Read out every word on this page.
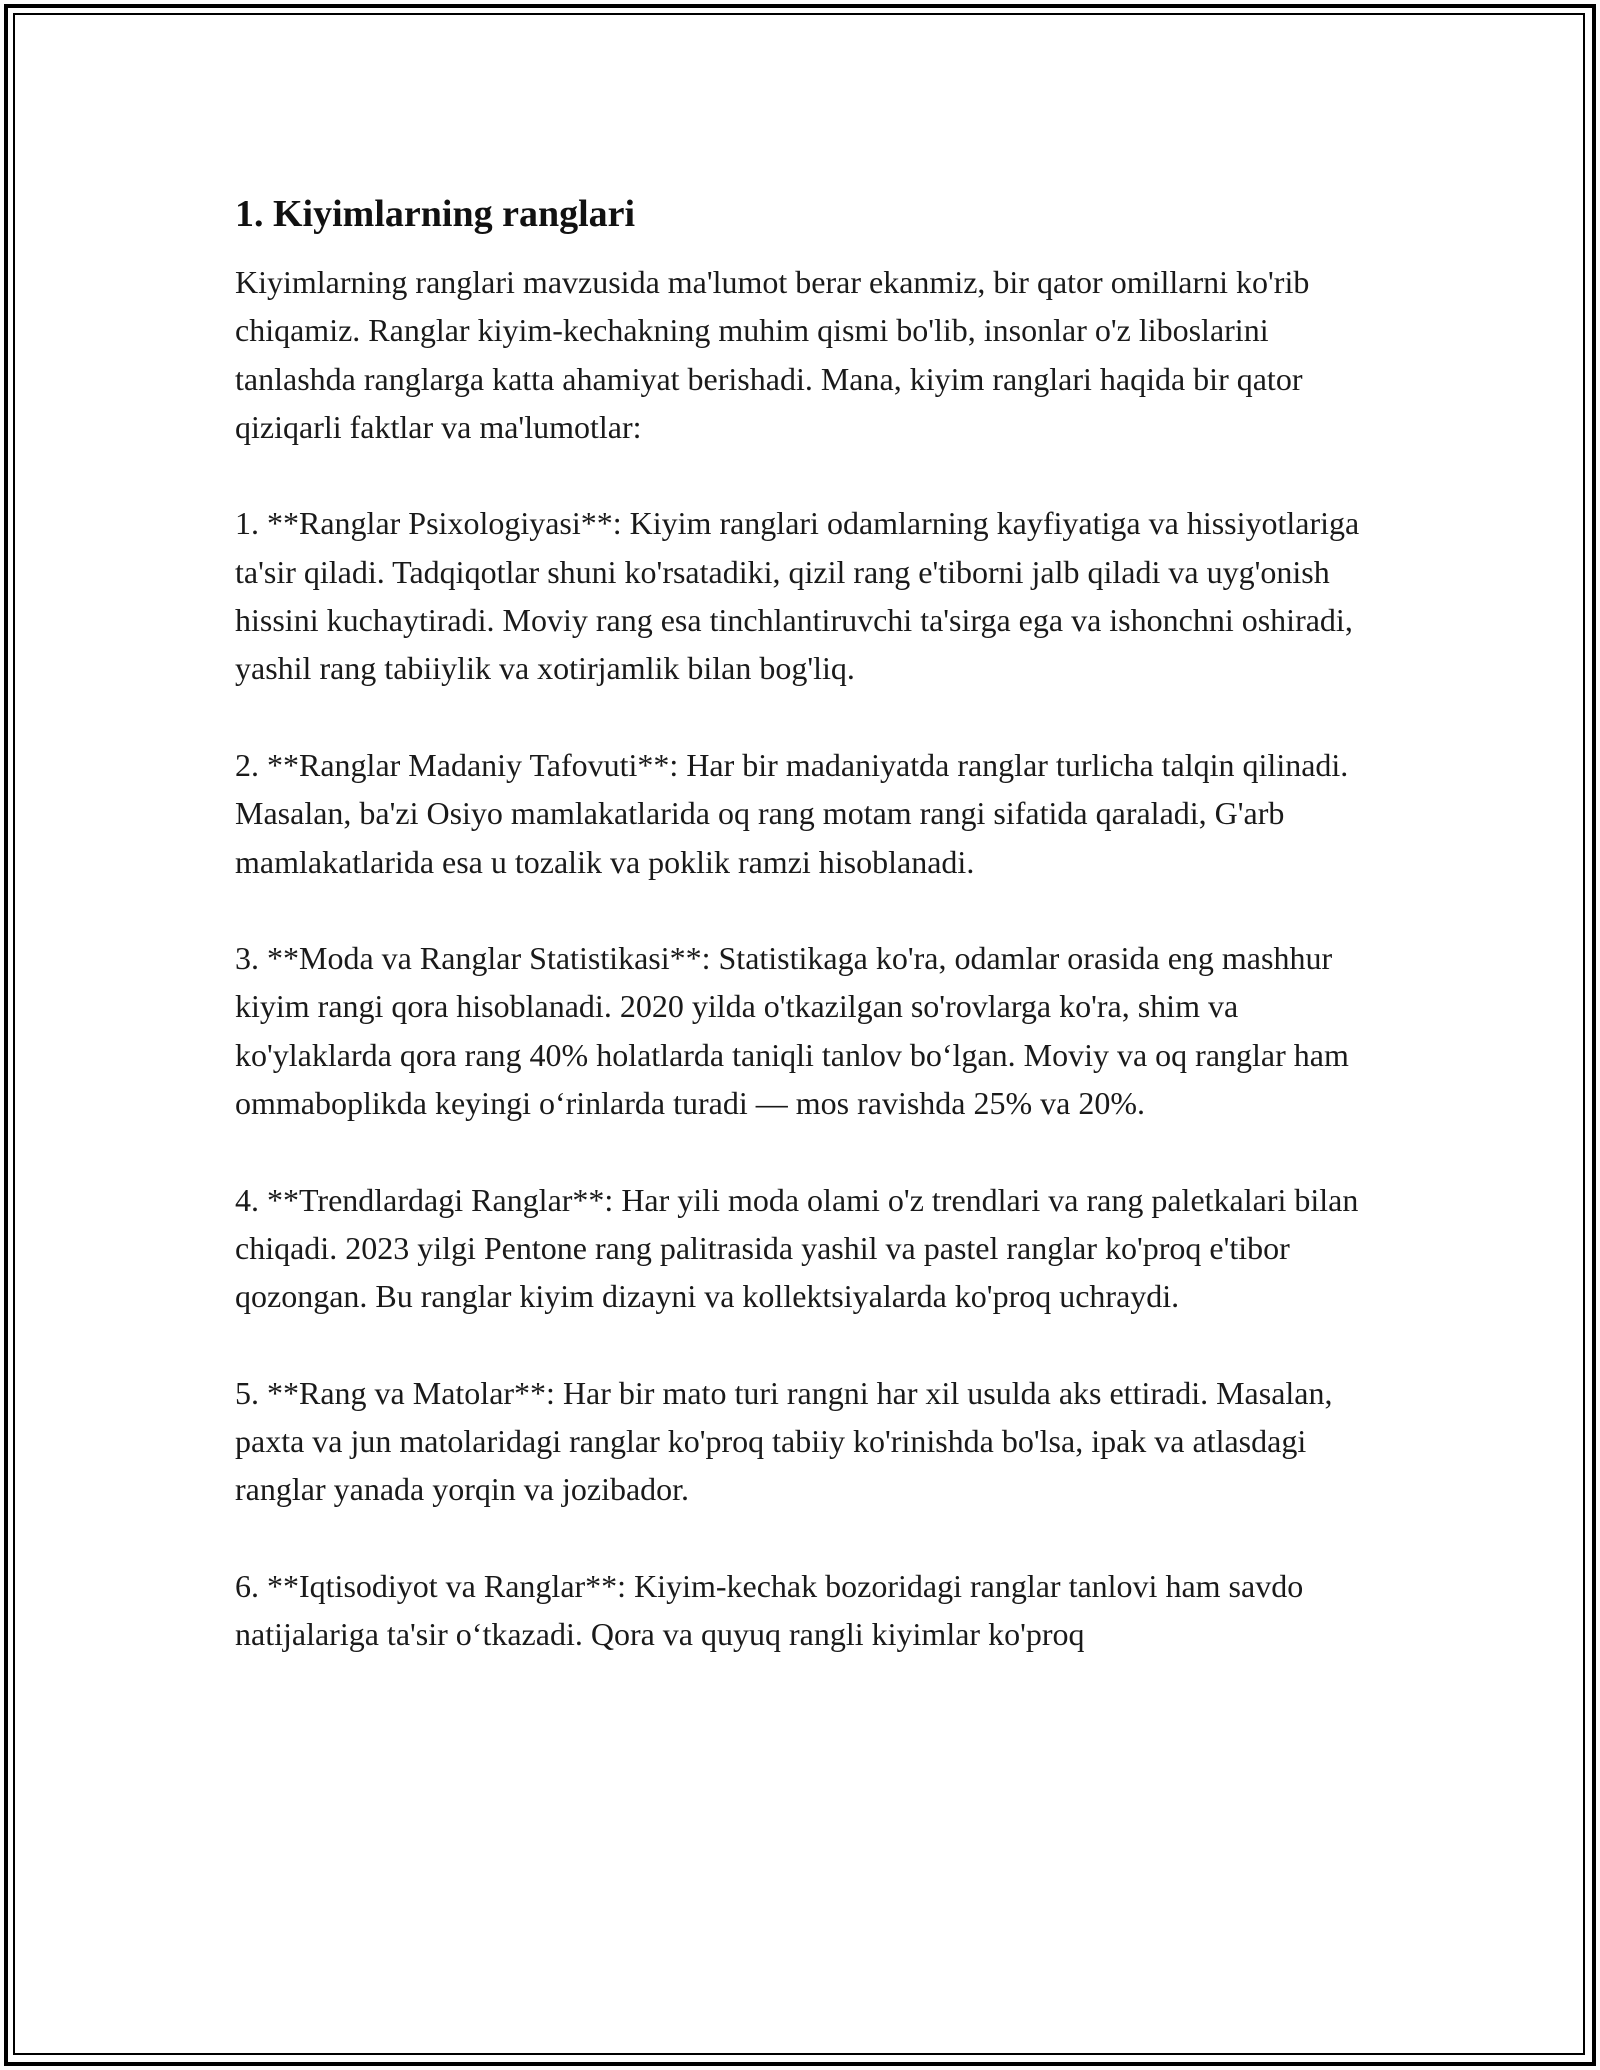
1. Kiyimlarning ranglari

Kiyimlarning ranglari mavzusida ma'lumot berar ekanmiz, bir qator omillarni ko'rib chiqamiz. Ranglar kiyim-kechakning muhim qismi bo'lib, insonlar o'z liboslarini tanlashda ranglarga katta ahamiyat berishadi. Mana, kiyim ranglari haqida bir qator qiziqarli faktlar va ma'lumotlar:

1. **Ranglar Psixologiyasi**: Kiyim ranglari odamlarning kayfiyatiga va hissiyotlariga ta'sir qiladi. Tadqiqotlar shuni ko'rsatadiki, qizil rang e'tiborni jalb qiladi va uyg'onish hissini kuchaytiradi. Moviy rang esa tinchlantiruvchi ta'sirga ega va ishonchni oshiradi, yashil rang tabiiylik va xotirjamlik bilan bog'liq.

2. **Ranglar Madaniy Tafovuti**: Har bir madaniyatda ranglar turlicha talqin qilinadi. Masalan, ba'zi Osiyo mamlakatlarida oq rang motam rangi sifatida qaraladi, G'arb mamlakatlarida esa u tozalik va poklik ramzi hisoblanadi.

3. **Moda va Ranglar Statistikasi**: Statistikaga ko'ra, odamlar orasida eng mashhur kiyim rangi qora hisoblanadi. 2020 yilda o'tkazilgan so'rovlarga ko'ra, shim va ko'ylaklarda qora rang 40% holatlarda taniqli tanlov bo‘lgan. Moviy va oq ranglar ham ommaboplikda keyingi o‘rinlarda turadi — mos ravishda 25% va 20%.

4. **Trendlardagi Ranglar**: Har yili moda olami o'z trendlari va rang paletkalari bilan chiqadi. 2023 yilgi Pentone rang palitrasida yashil va pastel ranglar ko'proq e'tibor qozongan. Bu ranglar kiyim dizayni va kollektsiyalarda ko'proq uchraydi.

5. **Rang va Matolar**: Har bir mato turi rangni har xil usulda aks ettiradi. Masalan, paxta va jun matolaridagi ranglar ko'proq tabiiy ko'rinishda bo'lsa, ipak va atlasdagi ranglar yanada yorqin va jozibador.

6. **Iqtisodiyot va Ranglar**: Kiyim-kechak bozoridagi ranglar tanlovi ham savdo natijalariga ta'sir o‘tkazadi. Qora va quyuq rangli kiyimlar ko'proq
